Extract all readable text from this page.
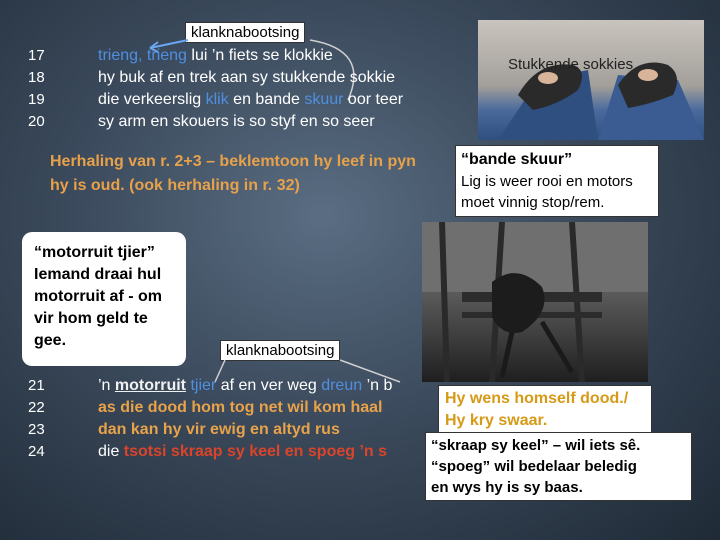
Stukkende sokkies
klanknabootsing
17
18
19
20
trieng, trieng lui ’n fiets se klokkie
hy buk af en trek aan sy stukkende sokkie
die verkeerslig klik en bande skuur oor teer
sy arm en skouers is so styf en so seer
Herhaling van r. 2+3 – beklemtoon hy leef in pyn
hy is oud. (ook herhaling in r. 32)
“bande skuur”
Lig is weer rooi en motors moet vinnig stop/rem.
“motorruit tjier” Iemand draai hul motorruit af - om vir hom geld te gee.
klanknabootsing
21
22
23
24
’n motorruit tjier af en ver weg dreun ’n b
as die dood hom tog net wil kom haal
dan kan hy vir ewig en altyd rus
die tsotsi skraap sy keel en spoeg ’n s
Hy wens homself dood./
Hy kry swaar.
“skraap sy keel” – wil iets sê.
“spoeg” wil bedelaar beledig
en wys hy is sy baas.
